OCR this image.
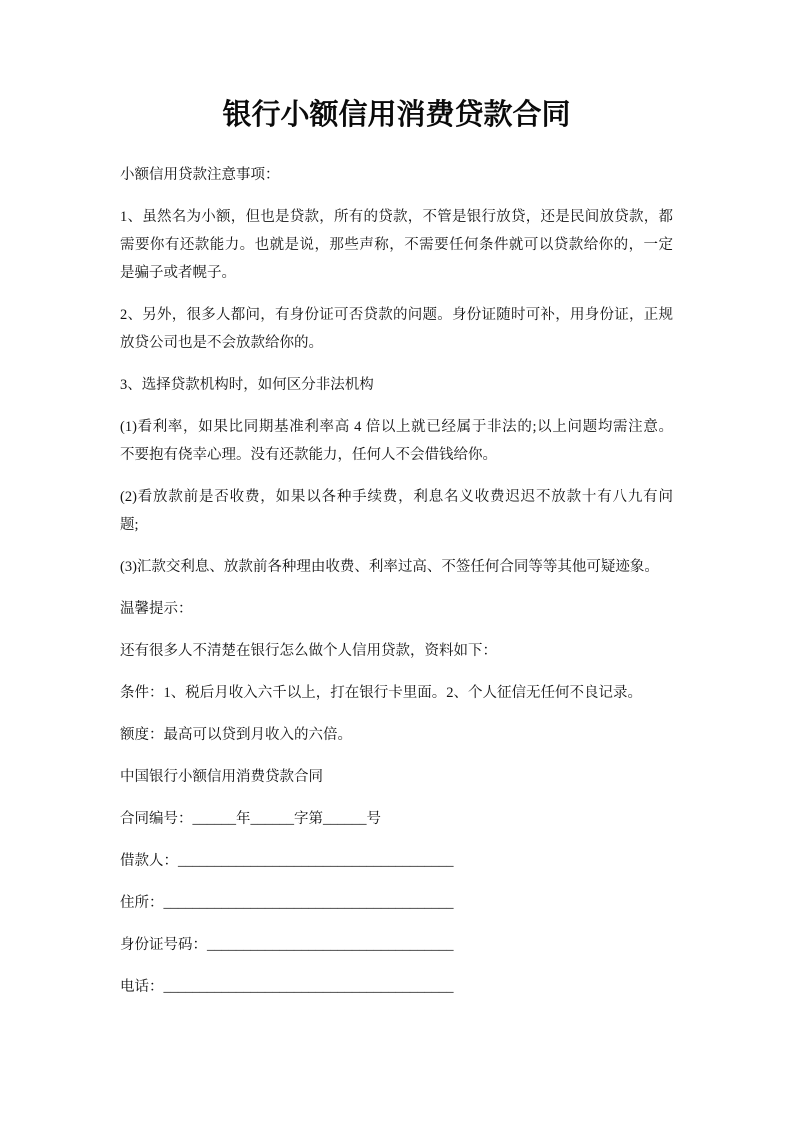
银行小额信用消费贷款合同
小额信用贷款注意事项：
1、虽然名为小额，但也是贷款，所有的贷款，不管是银行放贷，还是民间放贷款，都
需要你有还款能力。也就是说，那些声称，不需要任何条件就可以贷款给你的，一定
是骗子或者幌子。
2、另外，很多人都问，有身份证可否贷款的问题。身份证随时可补，用身份证，正规
放贷公司也是不会放款给你的。
3、选择贷款机构时，如何区分非法机构
(1)看利率，如果比同期基准利率高 4 倍以上就已经属于非法的;以上问题均需注意。
不要抱有侥幸心理。没有还款能力，任何人不会借钱给你。
(2)看放款前是否收费，如果以各种手续费，利息名义收费迟迟不放款十有八九有问
题;
(3)汇款交利息、放款前各种理由收费、利率过高、不签任何合同等等其他可疑迹象。
温馨提示：
还有很多人不清楚在银行怎么做个人信用贷款，资料如下：
条件：1、税后月收入六千以上，打在银行卡里面。2、个人征信无任何不良记录。
额度：最高可以贷到月收入的六倍。
中国银行小额信用消费贷款合同
合同编号：______年______字第______号
借款人：______________________________________
住所：________________________________________
身份证号码：__________________________________
电话：________________________________________
